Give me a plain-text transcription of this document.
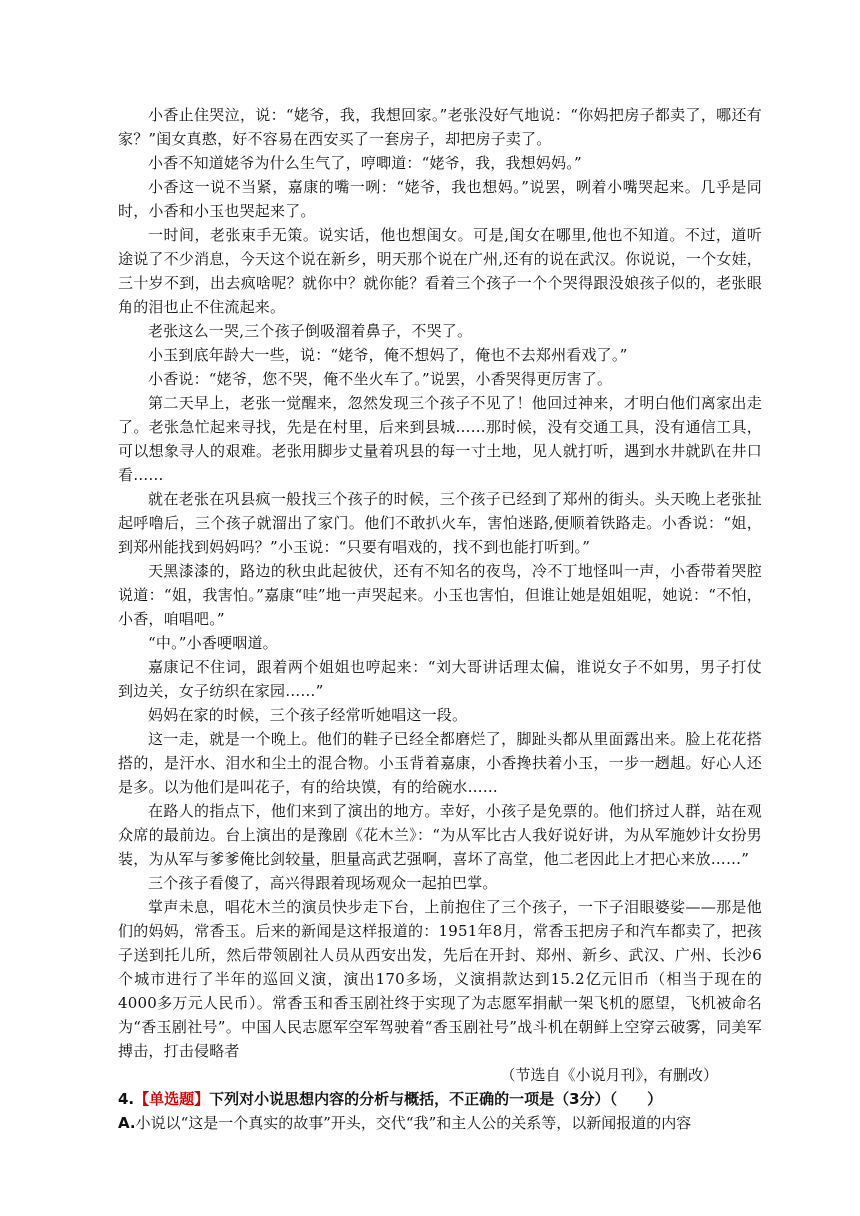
小香止住哭泣，说：“姥爷，我，我想回家。”老张没好气地说：“你妈把房子都卖了，哪还有家？”闺女真憨，好不容易在西安买了一套房子，却把房子卖了。

小香不知道姥爷为什么生气了，哼唧道：“姥爷，我，我想妈妈。”

小香这一说不当紧，嘉康的嘴一咧：“姥爷，我也想妈。”说罢，咧着小嘴哭起来。几乎是同时，小香和小玉也哭起来了。

一时间，老张束手无策。说实话，他也想闺女。可是,闺女在哪里,他也不知道。不过，道听途说了不少消息，今天这个说在新乡，明天那个说在广州,还有的说在武汉。你说说，一个女娃，三十岁不到，出去疯啥呢？就你中？就你能？看着三个孩子一个个哭得跟没娘孩子似的，老张眼角的泪也止不住流起来。

老张这么一哭,三个孩子倒吸溜着鼻子，不哭了。

小玉到底年龄大一些，说：“姥爷，俺不想妈了，俺也不去郑州看戏了。”

小香说：“姥爷，您不哭，俺不坐火车了。”说罢，小香哭得更厉害了。

第二天早上，老张一觉醒来，忽然发现三个孩子不见了！他回过神来，才明白他们离家出走了。老张急忙起来寻找，先是在村里，后来到县城……那时候，没有交通工具，没有通信工具，可以想象寻人的艰难。老张用脚步丈量着巩县的每一寸土地，见人就打听，遇到水井就趴在井口看……

就在老张在巩县疯一般找三个孩子的时候，三个孩子已经到了郑州的街头。头天晚上老张扯起呼噜后，三个孩子就溜出了家门。他们不敢扒火车，害怕迷路,便顺着铁路走。小香说：“姐，到郑州能找到妈妈吗？”小玉说：“只要有唱戏的，找不到也能打听到。”

天黑漆漆的，路边的秋虫此起彼伏，还有不知名的夜鸟，冷不丁地怪叫一声，小香带着哭腔说道：“姐，我害怕。”嘉康“哇”地一声哭起来。小玉也害怕，但谁让她是姐姐呢，她说：“不怕，小香，咱唱吧。”

“中。”小香哽咽道。

嘉康记不住词，跟着两个姐姐也哼起来：“刘大哥讲话理太偏，谁说女子不如男，男子打仗到边关，女子纺织在家园……”

妈妈在家的时候，三个孩子经常听她唱这一段。

这一走，就是一个晚上。他们的鞋子已经全都磨烂了，脚趾头都从里面露出来。脸上花花搭搭的，是汗水、泪水和尘土的混合物。小玉背着嘉康，小香搀扶着小玉，一步一趔趄。好心人还是多。以为他们是叫花子，有的给块馍，有的给碗水……

在路人的指点下，他们来到了演出的地方。幸好，小孩子是免票的。他们挤过人群，站在观众席的最前边。台上演出的是豫剧《花木兰》：“为从军比古人我好说好讲，为从军施妙计女扮男装，为从军与爹爹俺比剑较量，胆量高武艺强啊，喜坏了高堂，他二老因此上才把心来放……”

三个孩子看傻了，高兴得跟着现场观众一起拍巴掌。

掌声未息，唱花木兰的演员快步走下台，上前抱住了三个孩子，一下子泪眼婆娑——那是他们的妈妈，常香玉。后来的新闻是这样报道的：1951年8月，常香玉把房子和汽车都卖了，把孩子送到托儿所，然后带领剧社人员从西安出发，先后在开封、郑州、新乡、武汉、广州、长沙6个城市进行了半年的巡回义演，演出170多场，义演捐款达到15.2亿元旧币（相当于现在的4000多万元人民币）。常香玉和香玉剧社终于实现了为志愿军捐献一架飞机的愿望，飞机被命名为“香玉剧社号”。中国人民志愿军空军驾驶着“香玉剧社号”战斗机在朝鲜上空穿云破雾，同美军搏击，打击侵略者

（节选自《小说月刊》，有删改）

4.【单选题】下列对小说思想内容的分析与概括，不正确的一项是（3分）（　　）

A.小说以“这是一个真实的故事”开头，交代“我”和主人公的关系等，以新闻报道的内容
